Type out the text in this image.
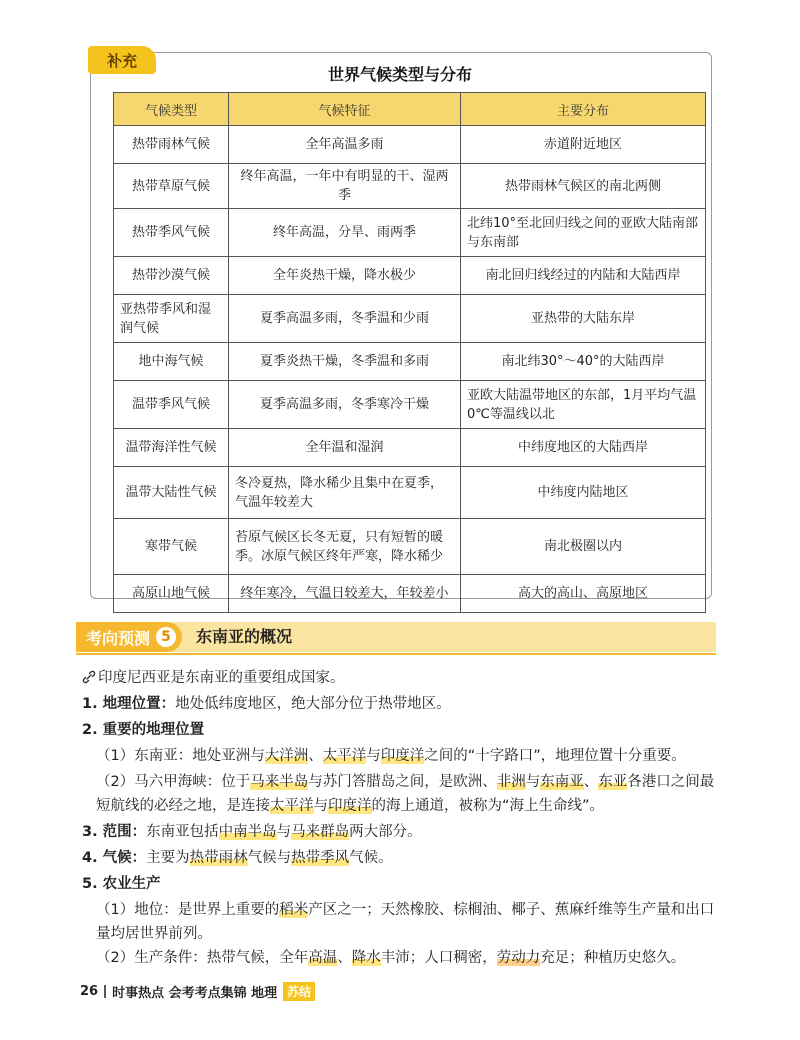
补充
世界气候类型与分布
气候类型	气候特征	主要分布
热带雨林气候	全年高温多雨	赤道附近地区
热带草原气候	终年高温，一年中有明显的干、湿两季	热带雨林气候区的南北两侧
热带季风气候	终年高温，分旱、雨两季	北纬10°至北回归线之间的亚欧大陆南部与东南部
热带沙漠气候	全年炎热干燥，降水极少	南北回归线经过的内陆和大陆西岸
亚热带季风和湿润气候	夏季高温多雨，冬季温和少雨	亚热带的大陆东岸
地中海气候	夏季炎热干燥，冬季温和多雨	南北纬30°～40°的大陆西岸
温带季风气候	夏季高温多雨，冬季寒冷干燥	亚欧大陆温带地区的东部，1月平均气温0℃等温线以北
温带海洋性气候	全年温和湿润	中纬度地区的大陆西岸
温带大陆性气候	冬冷夏热，降水稀少且集中在夏季，气温年较差大	中纬度内陆地区
寒带气候	苔原气候区长冬无夏，只有短暂的暖季。冰原气候区终年严寒，降水稀少	南北极圈以内
高原山地气候	终年寒冷，气温日较差大，年较差小	高大的高山、高原地区
考向预测 5	东南亚的概况
印度尼西亚是东南亚的重要组成国家。
1. 地理位置：地处低纬度地区，绝大部分位于热带地区。
2. 重要的地理位置
（1）东南亚：地处亚洲与大洋洲、太平洋与印度洋之间的“十字路口”，地理位置十分重要。
（2）马六甲海峡：位于马来半岛与苏门答腊岛之间，是欧洲、非洲与东南亚、东亚各港口之间最
短航线的必经之地，是连接太平洋与印度洋的海上通道，被称为“海上生命线”。
3. 范围：东南亚包括中南半岛与马来群岛两大部分。
4. 气候：主要为热带雨林气候与热带季风气候。
5. 农业生产
（1）地位：是世界上重要的稻米产区之一；天然橡胶、棕榈油、椰子、蕉麻纤维等生产量和出口
量均居世界前列。
（2）生产条件：热带气候，全年高温、降水丰沛；人口稠密，劳动力充足；种植历史悠久。
26 时事热点 会考考点集锦 地理 苏结
